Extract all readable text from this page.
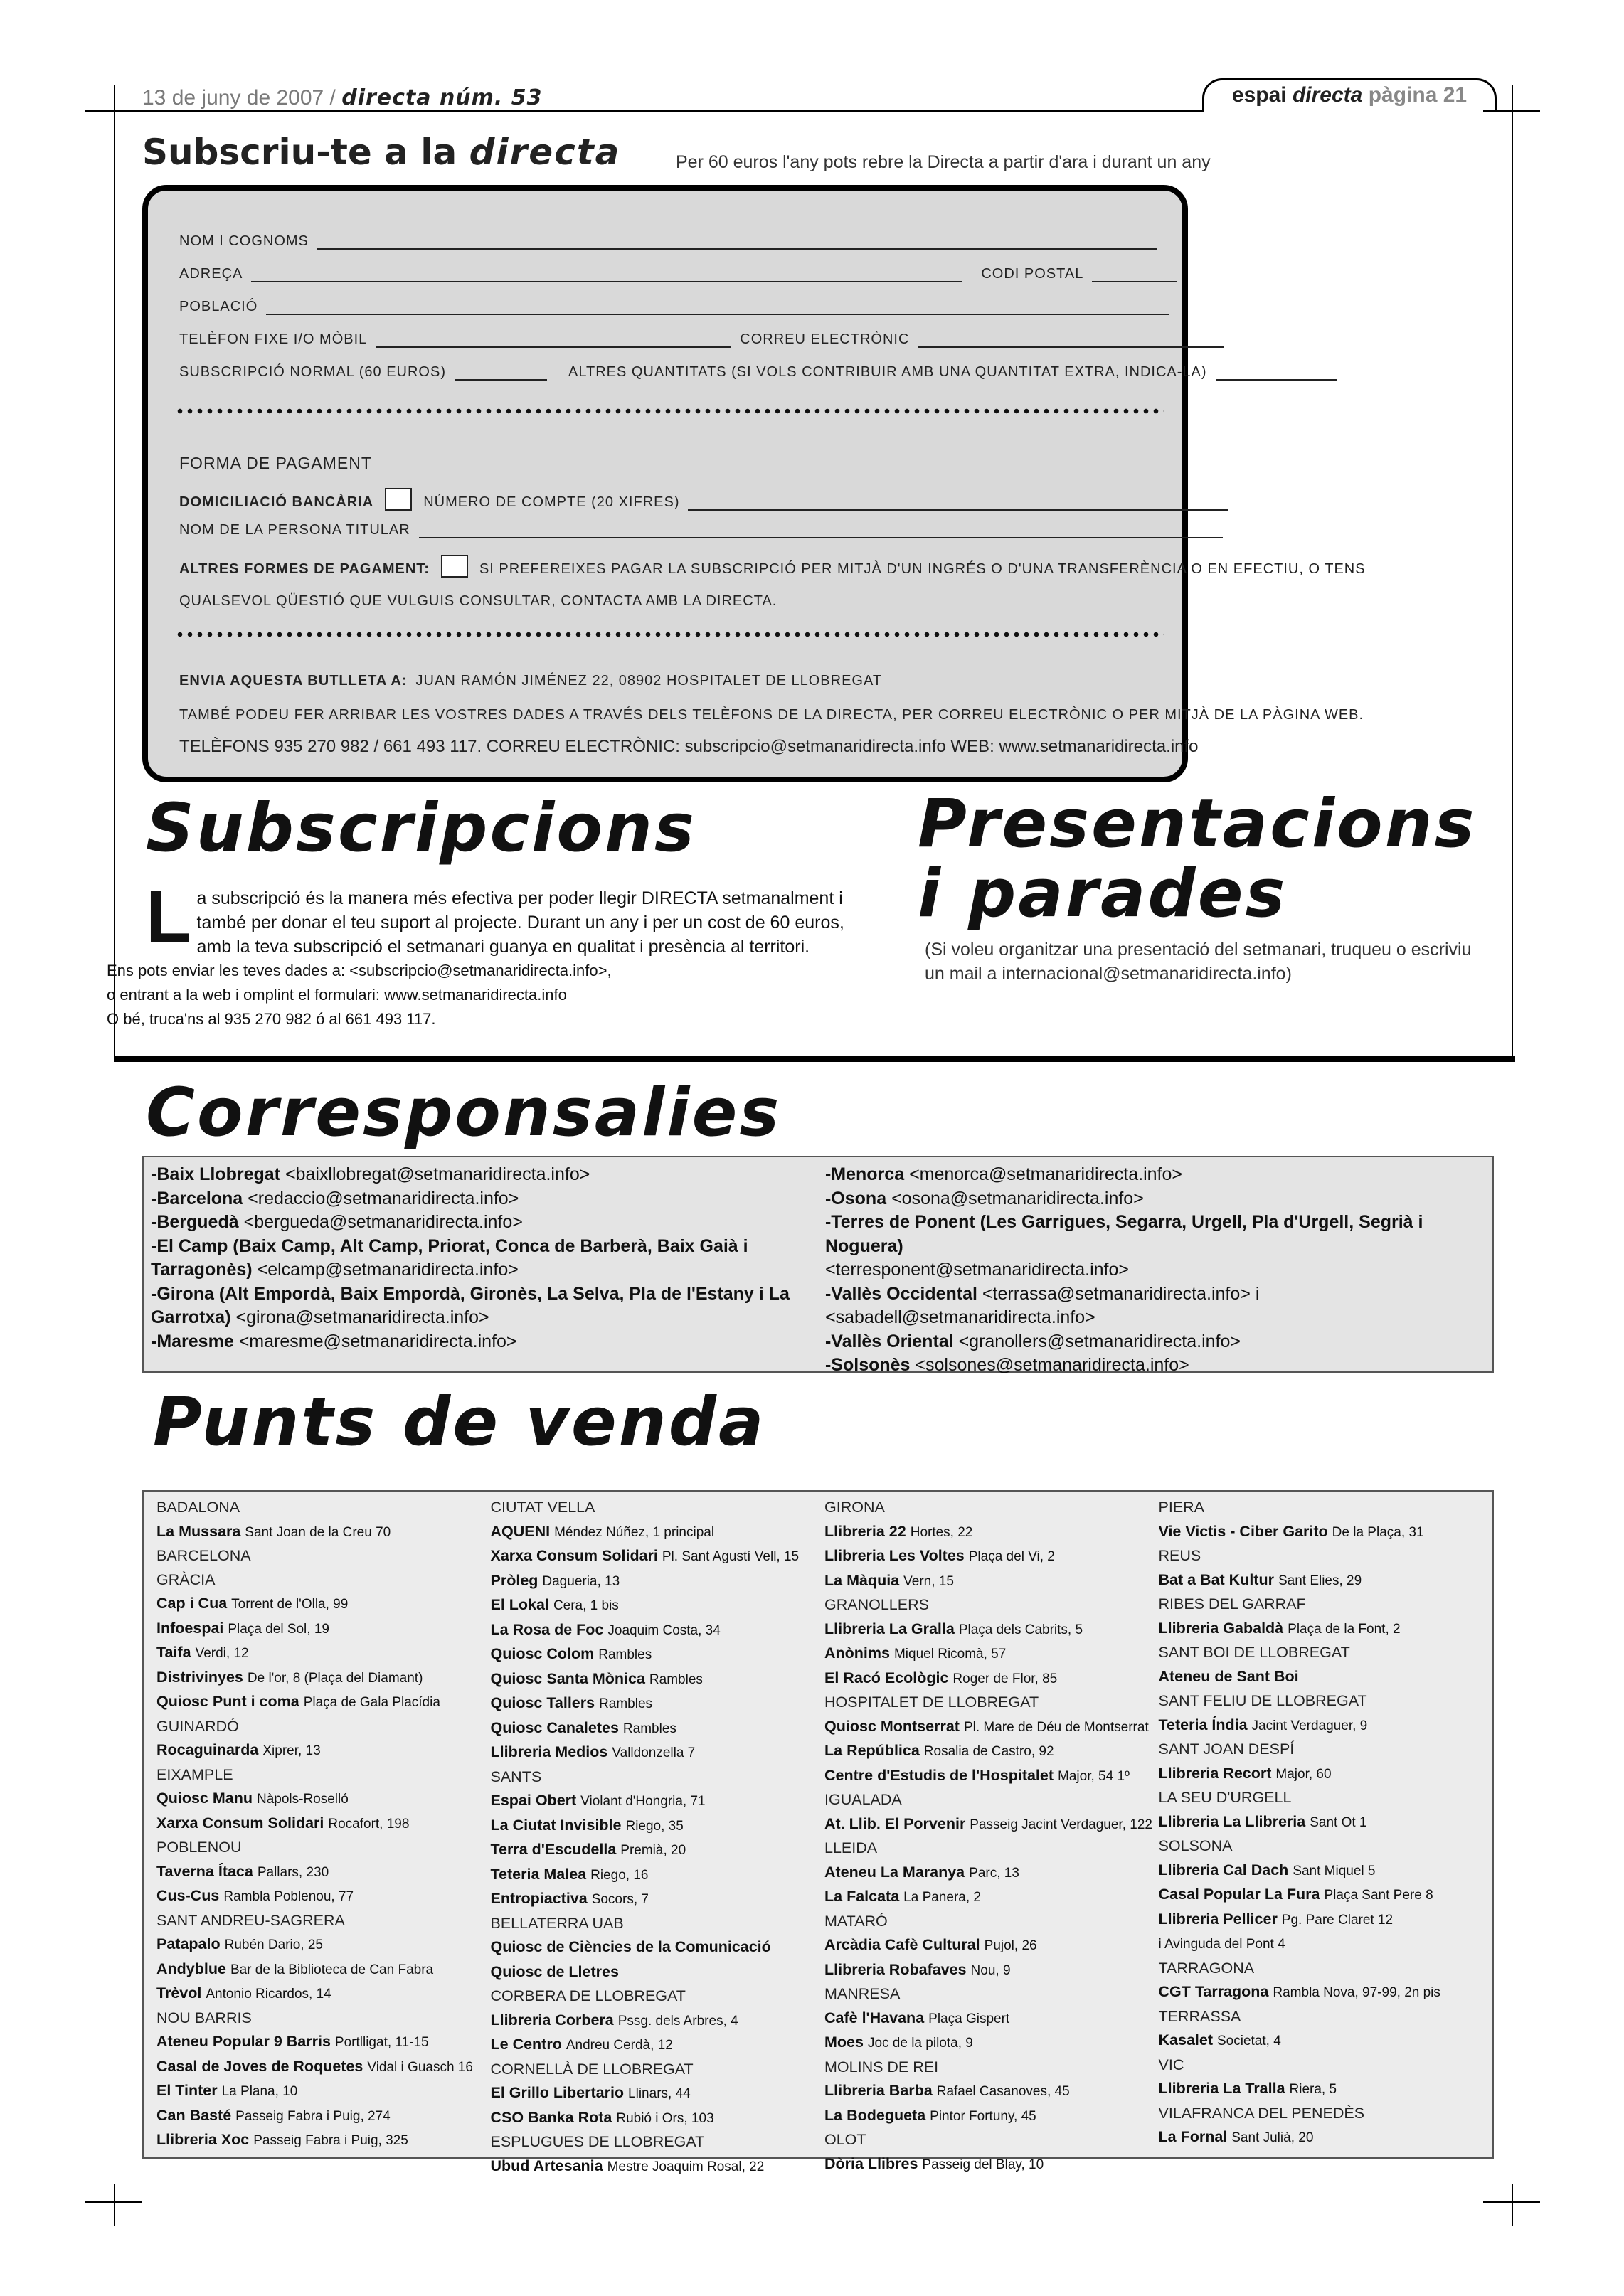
13 de juny de 2007 / directa núm. 53	espai directa pàgina 21
Subscriu-te a la directa	Per 60 euros l'any pots rebre la Directa a partir d'ara i durant un any
NOM I COGNOMS
ADREÇA	CODI POSTAL
POBLACIÓ
TELÈFON FIXE I/O MÒBIL	CORREU ELECTRÒNIC
SUBSCRIPCIÓ NORMAL (60 EUROS)	ALTRES QUANTITATS (SI VOLS CONTRIBUIR AMB UNA QUANTITAT EXTRA, INDICA-LA)
FORMA DE PAGAMENT
DOMICILIACIÓ BANCÀRIA	NÚMERO DE COMPTE (20 XIFRES)
NOM DE LA PERSONA TITULAR
ALTRES FORMES DE PAGAMENT:	SI PREFEREIXES PAGAR LA SUBSCRIPCIÓ PER MITJÀ D'UN INGRÉS O D'UNA TRANSFERÈNCIA O EN EFECTIU, O TENS
QUALSEVOL QÜESTIÓ QUE VULGUIS CONSULTAR, CONTACTA AMB LA DIRECTA.
ENVIA AQUESTA BUTLLETA A: JUAN RAMÓN JIMÉNEZ 22, 08902 HOSPITALET DE LLOBREGAT
TAMBÉ PODEU FER ARRIBAR LES VOSTRES DADES A TRAVÉS DELS TELÈFONS DE LA DIRECTA, PER CORREU ELECTRÒNIC O PER MITJÀ DE LA PÀGINA WEB.
TELÈFONS 935 270 982 / 661 493 117. CORREU ELECTRÒNIC: subscripcio@setmanaridirecta.info WEB: www.setmanaridirecta.info
Subscripcions
L a subscripció és la manera més efectiva per poder llegir DIRECTA setmanalment i

també per donar el teu suport al projecte. Durant un any i per un cost de 60 euros,

amb la teva subscripció el setmanari guanya en qualitat i presència al territori.

Ens pots enviar les teves dades a: <subscripcio@setmanaridirecta.info>,

o entrant a la web i omplint el formulari: www.setmanaridirecta.info

O bé, truca'ns al 935 270 982 ó al 661 493 117.

Presentacions
i parades
(Si voleu organitzar una presentació del setmanari, truqueu o escriviu un mail a internacional@setmanaridirecta.info)
Corresponsalies
-Baix Llobregat <baixllobregat@setmanaridirecta.info>
-Barcelona <redaccio@setmanaridirecta.info>
-Berguedà <bergueda@setmanaridirecta.info>
-El Camp (Baix Camp, Alt Camp, Priorat, Conca de Barberà, Baix Gaià i
Tarragonès) <elcamp@setmanaridirecta.info>
-Girona (Alt Empordà, Baix Empordà, Gironès, La Selva, Pla de l'Estany i La
Garrotxa) <girona@setmanaridirecta.info>
-Maresme <maresme@setmanaridirecta.info>
-Menorca <menorca@setmanaridirecta.info>
-Osona <osona@setmanaridirecta.info>
-Terres de Ponent (Les Garrigues, Segarra, Urgell, Pla d'Urgell, Segrià i Noguera)
<terresponent@setmanaridirecta.info>
-Vallès Occidental <terrassa@setmanaridirecta.info> i
<sabadell@setmanaridirecta.info>
-Vallès Oriental <granollers@setmanaridirecta.info>
-Solsonès <solsones@setmanaridirecta.info>
Punts de venda
BADALONA
La Mussara Sant Joan de la Creu 70
BARCELONA
GRÀCIA
Cap i Cua Torrent de l'Olla, 99
Infoespai Plaça del Sol, 19
Taifa Verdi, 12
Distrivinyes De l'or, 8 (Plaça del Diamant)
Quiosc Punt i coma Plaça de Gala Placídia
GUINARDÓ
Rocaguinarda Xiprer, 13
EIXAMPLE
Quiosc Manu Nàpols-Roselló
Xarxa Consum Solidari Rocafort, 198
POBLENOU
Taverna Ítaca Pallars, 230
Cus-Cus Rambla Poblenou, 77
SANT ANDREU-SAGRERA
Patapalo Rubén Dario, 25
Andyblue Bar de la Biblioteca de Can Fabra
Trèvol Antonio Ricardos, 14
NOU BARRIS
Ateneu Popular 9 Barris Portlligat, 11-15
Casal de Joves de Roquetes Vidal i Guasch 16
El Tinter La Plana, 10
Can Basté Passeig Fabra i Puig, 274
Llibreria Xoc Passeig Fabra i Puig, 325
CIUTAT VELLA
AQUENI Méndez Núñez, 1 principal
Xarxa Consum Solidari Pl. Sant Agustí Vell, 15
Pròleg Dagueria, 13
El Lokal Cera, 1 bis
La Rosa de Foc Joaquim Costa, 34
Quiosc Colom Rambles
Quiosc Santa Mònica Rambles
Quiosc Tallers Rambles
Quiosc Canaletes Rambles
Llibreria Medios Valldonzella 7
SANTS
Espai Obert Violant d'Hongria, 71
La Ciutat Invisible Riego, 35
Terra d'Escudella Premià, 20
Teteria Malea Riego, 16
Entropiactiva Socors, 7
BELLATERRA UAB
Quiosc de Ciències de la Comunicació
Quiosc de Lletres
CORBERA DE LLOBREGAT
Llibreria Corbera Pssg. dels Arbres, 4
Le Centro Andreu Cerdà, 12
CORNELLÀ DE LLOBREGAT
El Grillo Libertario Llinars, 44
CSO Banka Rota Rubió i Ors, 103
ESPLUGUES DE LLOBREGAT
Ubud Artesania Mestre Joaquim Rosal, 22
GIRONA
Llibreria 22 Hortes, 22
Llibreria Les Voltes Plaça del Vi, 2
La Màquia Vern, 15
GRANOLLERS
Llibreria La Gralla Plaça dels Cabrits, 5
Anònims Miquel Ricomà, 57
El Racó Ecològic Roger de Flor, 85
HOSPITALET DE LLOBREGAT
Quiosc Montserrat Pl. Mare de Déu de Montserrat
La República Rosalia de Castro, 92
Centre d'Estudis de l'Hospitalet Major, 54 1º
IGUALADA
At. Llib. El Porvenir Passeig Jacint Verdaguer, 122
LLEIDA
Ateneu La Maranya Parc, 13
La Falcata La Panera, 2
MATARÓ
Arcàdia Cafè Cultural Pujol, 26
Llibreria Robafaves Nou, 9
MANRESA
Cafè l'Havana Plaça Gispert
Moes Joc de la pilota, 9
MOLINS DE REI
Llibreria Barba Rafael Casanoves, 45
La Bodegueta Pintor Fortuny, 45
OLOT
Dòria Llibres Passeig del Blay, 10
PIERA
Vie Victis - Ciber Garito De la Plaça, 31
REUS
Bat a Bat Kultur Sant Elies, 29
RIBES DEL GARRAF
Llibreria Gabaldà Plaça de la Font, 2
SANT BOI DE LLOBREGAT
Ateneu de Sant Boi
SANT FELIU DE LLOBREGAT
Teteria Índia Jacint Verdaguer, 9
SANT JOAN DESPÍ
Llibreria Recort Major, 60
LA SEU D'URGELL
Llibreria La Llibreria Sant Ot 1
SOLSONA
Llibreria Cal Dach Sant Miquel 5
Casal Popular La Fura Plaça Sant Pere 8
Llibreria Pellicer Pg. Pare Claret 12
i Avinguda del Pont 4
TARRAGONA
CGT Tarragona Rambla Nova, 97-99, 2n pis
TERRASSA
Kasalet Societat, 4
VIC
Llibreria La Tralla Riera, 5
VILAFRANCA DEL PENEDÈS
La Fornal Sant Julià, 20
